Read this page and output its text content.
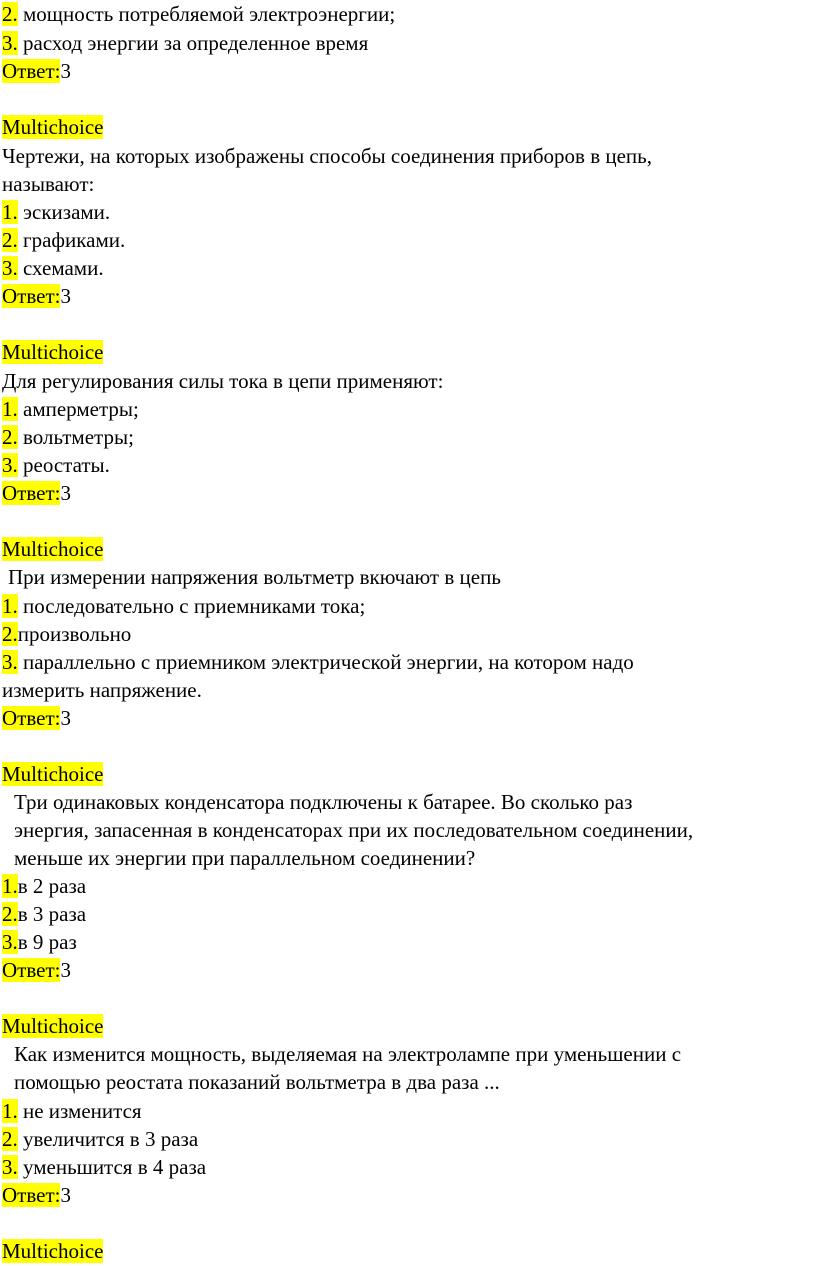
2. мощность потребляемой электроэнергии;
3. расход энергии за определенное время
Ответ:3
Multichoice
Чертежи, на которых изображены способы соединения приборов в цепь,
называют:
1. эскизами.
2. графиками.
3. схемами.
Ответ:3
Multichoice
Для регулирования силы тока в цепи применяют:
1. амперметры;
2. вольтметры;
3. реостаты.
Ответ:3
Multichoice
При измерении напряжения вольтметр вкючают в цепь
1. последовательно с приемниками тока;
2.произвольно
3. параллельно с приемником электрической энергии, на котором надо
измерить напряжение.
Ответ:3
Multichoice
Три одинаковых конденсатора подключены к батарее. Во сколько раз
энергия, запасенная в конденсаторах при их последовательном соединении,
меньше их энергии при параллельном соединении?
1.в 2 раза
2.в 3 раза
3.в 9 раз
Ответ:3
Multichoice
Как изменится мощность, выделяемая на электролампе при уменьшении с
помощью реостата показаний вольтметра в два раза ...
1. не изменится
2. увеличится в 3 раза
3. уменьшится в 4 раза
Ответ:3
Multichoice
